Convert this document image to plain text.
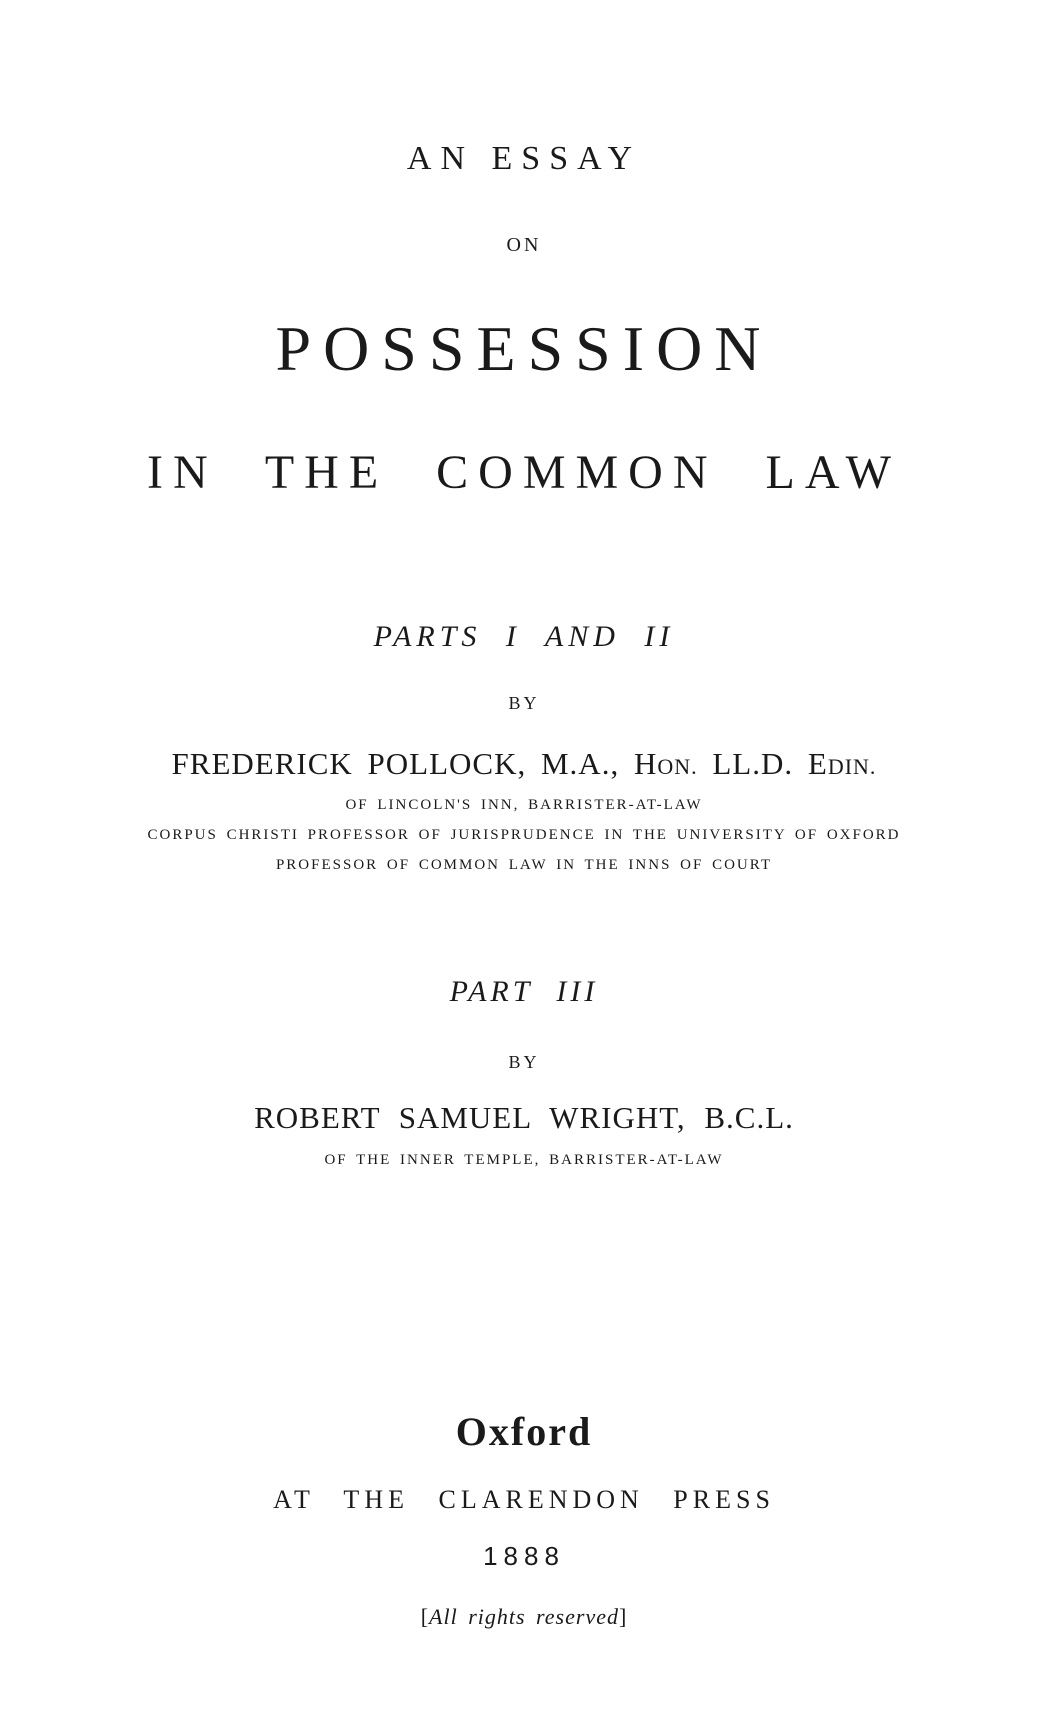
AN ESSAY
ON
POSSESSION
IN THE COMMON LAW
PARTS I AND II
BY
FREDERICK POLLOCK, M.A., HON. LL.D. EDIN.
OF LINCOLN'S INN, BARRISTER-AT-LAW
CORPUS CHRISTI PROFESSOR OF JURISPRUDENCE IN THE UNIVERSITY OF OXFORD
PROFESSOR OF COMMON LAW IN THE INNS OF COURT
PART III
BY
ROBERT SAMUEL WRIGHT, B.C.L.
OF THE INNER TEMPLE, BARRISTER-AT-LAW
Oxford
AT THE CLARENDON PRESS
1888
[All rights reserved]
